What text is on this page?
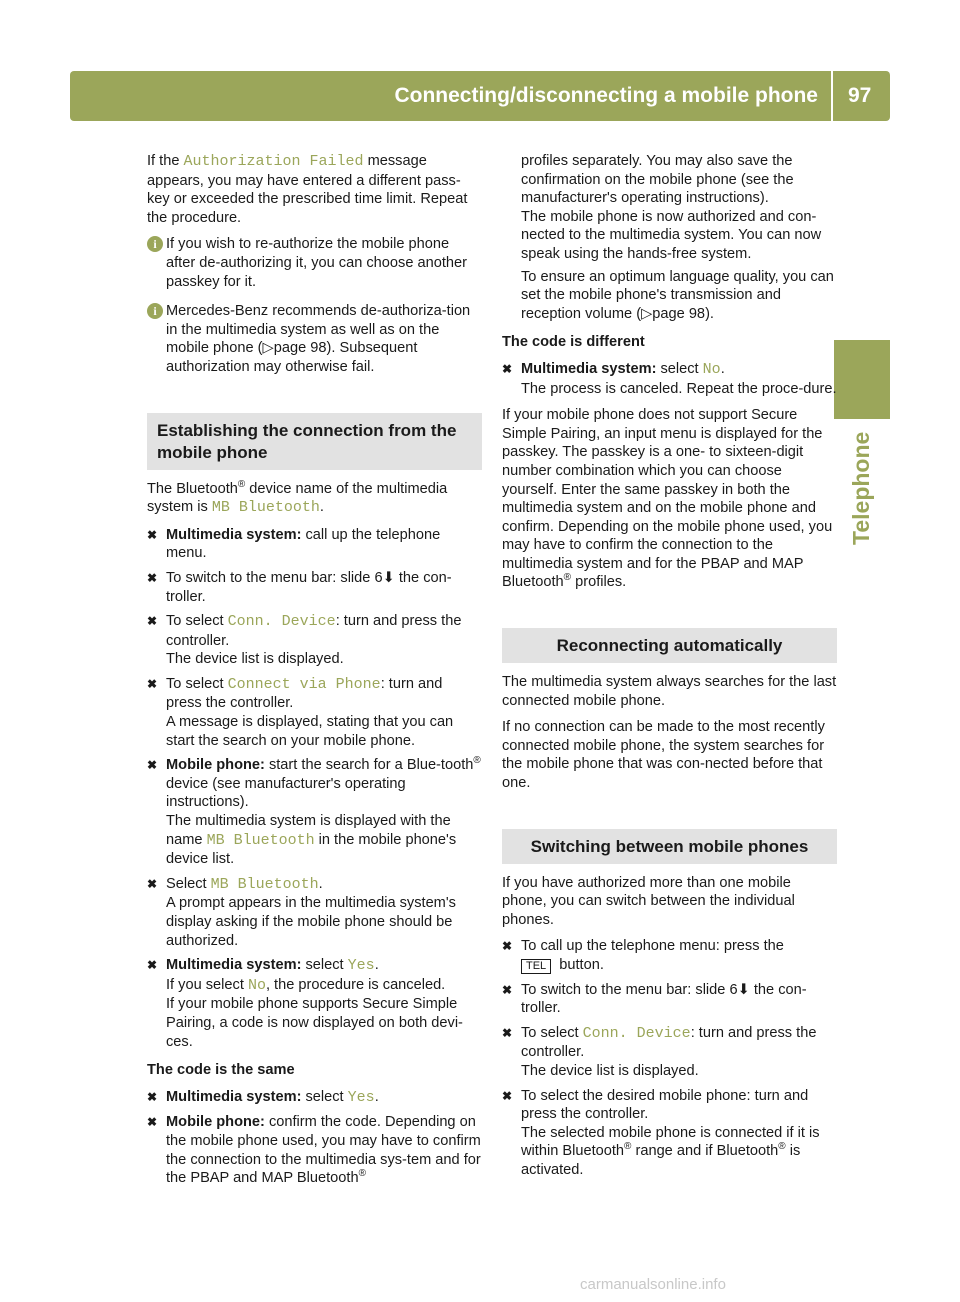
Connecting/disconnecting a mobile phone 97
Telephone

If the Authorization Failed message appears, you may have entered a different pass-key or exceeded the prescribed time limit. Repeat the procedure.

i If you wish to re-authorize the mobile phone after de-authorizing it, you can choose another passkey for it.
i Mercedes-Benz recommends de-authoriza-tion in the multimedia system as well as on the mobile phone (▷page 98). Subsequent authorization may otherwise fail.
Establishing the connection from the mobile phone

The Bluetooth® device name of the multimedia system is MB Bluetooth.

✖ Multimedia system: call up the telephone menu.
✖ To switch to the menu bar: slide 6⬇ the con-troller.
✖ To select Conn. Device: turn and press the controller.
The device list is displayed.
✖ To select Connect via Phone: turn and press the controller.
A message is displayed, stating that you can start the search on your mobile phone.
✖ Mobile phone: start the search for a Blue-tooth® device (see manufacturer's operating instructions).
The multimedia system is displayed with the name MB Bluetooth in the mobile phone's device list.
✖ Select MB Bluetooth.
A prompt appears in the multimedia system's display asking if the mobile phone should be authorized.
✖ Multimedia system: select Yes.
If you select No, the procedure is canceled.
If your mobile phone supports Secure Simple Pairing, a code is now displayed on both devi-ces.

The code is the same

✖ Multimedia system: select Yes.
✖ Mobile phone: confirm the code. Depending on the mobile phone used, you may have to confirm the connection to the multimedia sys-tem and for the PBAP and MAP Bluetooth®
profiles separately. You may also save the confirmation on the mobile phone (see the manufacturer's operating instructions).
The mobile phone is now authorized and con-nected to the multimedia system. You can now speak using the hands-free system.
To ensure an optimum language quality, you can set the mobile phone's transmission and reception volume (▷page 98).

The code is different

✖ Multimedia system: select No.
The process is canceled. Repeat the proce-dure.

If your mobile phone does not support Secure Simple Pairing, an input menu is displayed for the passkey. The passkey is a one- to sixteen-digit number combination which you can choose yourself. Enter the same passkey in both the multimedia system and on the mobile phone and confirm. Depending on the mobile phone used, you may have to confirm the connection to the multimedia system and for the PBAP and MAP Bluetooth® profiles.

Reconnecting automatically

The multimedia system always searches for the last connected mobile phone.

If no connection can be made to the most recently connected mobile phone, the system searches for the mobile phone that was con-nected before that one.

Switching between mobile phones

If you have authorized more than one mobile phone, you can switch between the individual phones.

✖ To call up the telephone menu: press the
TEL button.
✖ To switch to the menu bar: slide 6⬇ the con-troller.
✖ To select Conn. Device: turn and press the controller.
The device list is displayed.
✖ To select the desired mobile phone: turn and press the controller.
The selected mobile phone is connected if it is within Bluetooth® range and if Bluetooth® is activated.
carmanualsonline.info
